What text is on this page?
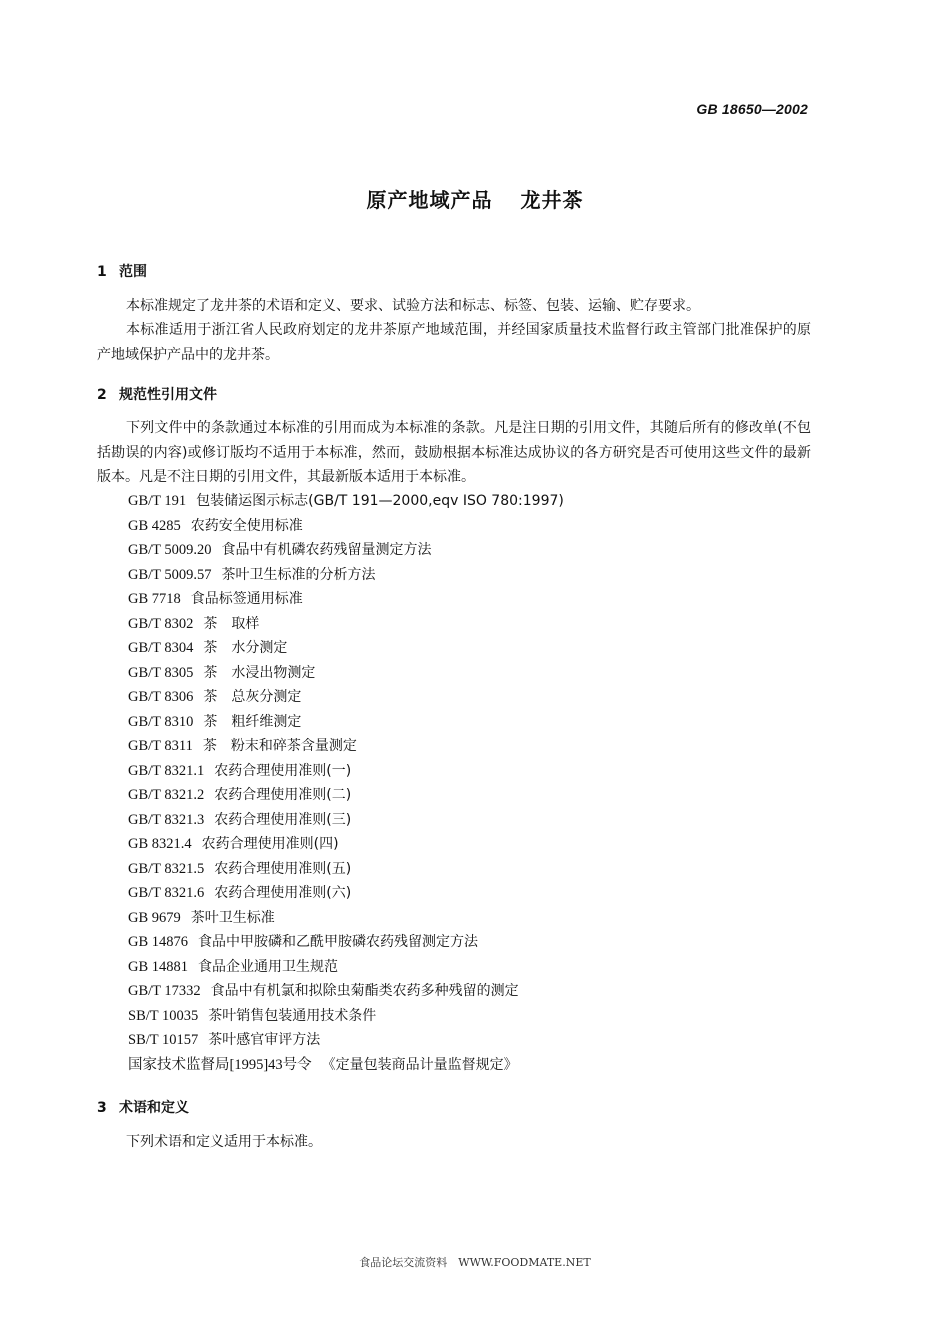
GB 18650—2002
原产地域产品 龙井茶
1 范围

本标准规定了龙井茶的术语和定义、要求、试验方法和标志、标签、包装、运输、贮存要求。

本标准适用于浙江省人民政府划定的龙井茶原产地域范围，并经国家质量技术监督行政主管部门批准保护的原产地域保护产品中的龙井茶。

2 规范性引用文件

下列文件中的条款通过本标准的引用而成为本标准的条款。凡是注日期的引用文件，其随后所有的修改单(不包括勘误的内容)或修订版均不适用于本标准，然而，鼓励根据本标准达成协议的各方研究是否可使用这些文件的最新版本。凡是不注日期的引用文件，其最新版本适用于本标准。

GB/T 191 包装储运图示标志(GB/T 191—2000,eqv ISO 780:1997)
GB 4285 农药安全使用标准
GB/T 5009.20 食品中有机磷农药残留量测定方法
GB/T 5009.57 茶叶卫生标准的分析方法
GB 7718 食品标签通用标准
GB/T 8302 茶　取样
GB/T 8304 茶　水分测定
GB/T 8305 茶　水浸出物测定
GB/T 8306 茶　总灰分测定
GB/T 8310 茶　粗纤维测定
GB/T 8311 茶　粉末和碎茶含量测定
GB/T 8321.1 农药合理使用准则(一)
GB/T 8321.2 农药合理使用准则(二)
GB/T 8321.3 农药合理使用准则(三)
GB 8321.4 农药合理使用准则(四)
GB/T 8321.5 农药合理使用准则(五)
GB/T 8321.6 农药合理使用准则(六)
GB 9679 茶叶卫生标准
GB 14876 食品中甲胺磷和乙酰甲胺磷农药残留测定方法
GB 14881 食品企业通用卫生规范
GB/T 17332 食品中有机氯和拟除虫菊酯类农药多种残留的测定
SB/T 10035 茶叶销售包装通用技术条件
SB/T 10157 茶叶感官审评方法
国家技术监督局[1995]43号令 《定量包装商品计量监督规定》
3 术语和定义

下列术语和定义适用于本标准。

食品论坛交流资料　WWW.FOODMATE.NET
